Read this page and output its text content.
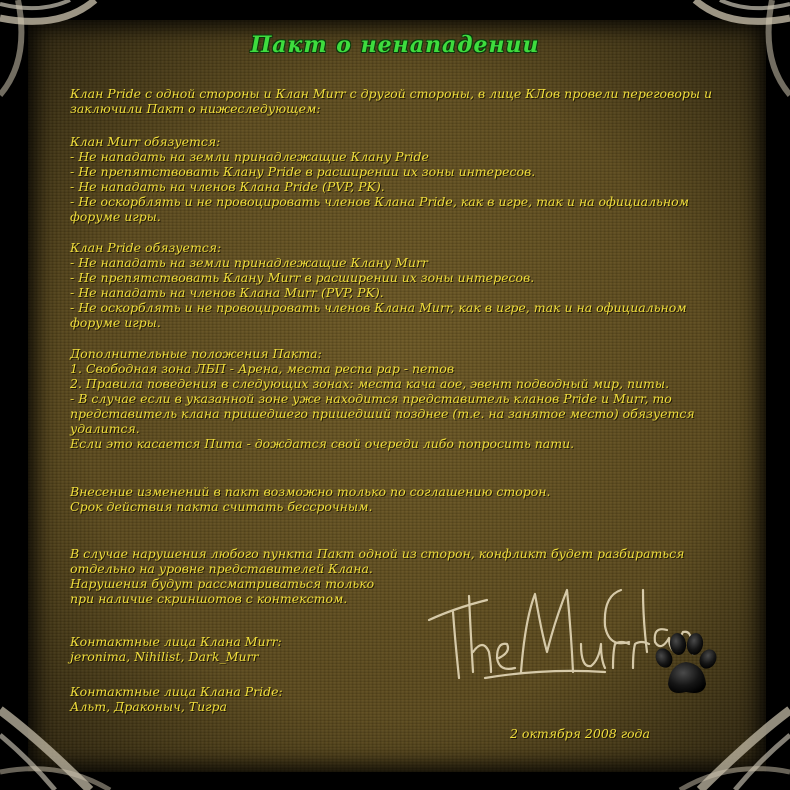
Пакт о ненападении
Клан Pride с одной стороны и Клан Murr с другой стороны, в лице КЛов провели переговоры и
заключили Пакт о нижеследующем:
Клан Murr обязуется:
- Не нападать на земли принадлежащие Клану Pride
- Не препятствовать Клану Pride в расширении их зоны интересов.
- Не нападать на членов Клана Pride (PVP, PK).
- Не оскорблять и не провоцировать членов Клана Pride, как в игре, так и на официальном
форуме игры.
Клан Pride обязуется:
- Не нападать на земли принадлежащие Клану Murr
- Не препятствовать Клану Murr в расширении их зоны интересов.
- Не нападать на членов Клана Murr (PVP, PK).
- Не оскорблять и не провоцировать членов Клана Murr, как в игре, так и на официальном
форуме игры.
Дополнительные положения Пакта:
1. Свободная зона ЛБП - Арена, места респа рар - петов
2. Правила поведения в следующих зонах: места кача аое, эвент подводный мир, питы.
- В случае если в указанной зоне уже находится представитель кланов Pride и Murr, то
представитель клана пришедшего пришедший позднее (т.е. на занятое место) обязуется
удалится.
Если это касается Пита - дождатся свой очереди либо попросить пати.
Внесение изменений в пакт возможно только по соглашению сторон.
Срок действия пакта считать бессрочным.
В случае нарушения любого пункта Пакт одной из сторон, конфликт будет разбираться
отдельно на уровне представителей Клана.
Нарушения будут рассматриваться только
при наличие скриншотов с контекстом.
Контактные лица Клана Murr:
jeronima, Nihilist, Dark_Murr
Контактные лица Клана Pride:
Альт, Драконыч, Тигра
2 октября 2008 года
